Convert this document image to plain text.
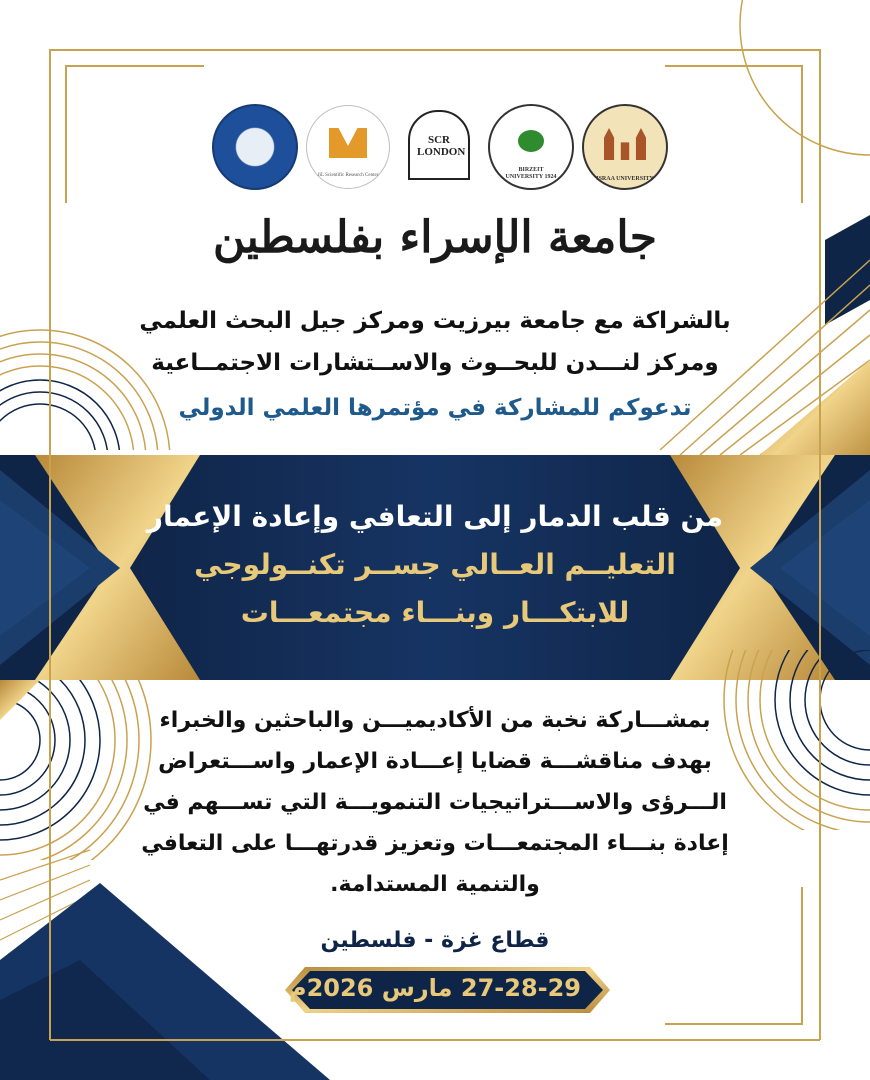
JiL Scientific Research Center
SCR LONDON
BIRZEIT UNIVERSITY 1924	ISRAA UNIVERSITY
جامعة الإسراء بفلسطين
بالشراكة مع جامعة بيرزيت ومركز جيل البحث العلمي
ومركز لنـــدن للبحــوث والاســتشارات الاجتمــاعية
تدعوكم للمشاركة في مؤتمرها العلمي الدولي
من قلب الدمار إلى التعافي وإعادة الإعمار
التعليــم العــالي جســر تكنــولوجي
للابتكـــار وبنـــاء مجتمعـــات
بمشـــاركة نخبة من الأكاديميـــن والباحثين والخبراء
بهدف مناقشـــة قضايا إعـــادة الإعمار واســـتعراض
الـــرؤى والاســـتراتيجيات التنمويـــة التي تســـهم في
إعادة بنـــاء المجتمعـــات وتعزيز قدرتهـــا على التعافي
والتنمية المستدامة.
قطاع غزة - فلسطين
27-28-29 مارس 2026م
